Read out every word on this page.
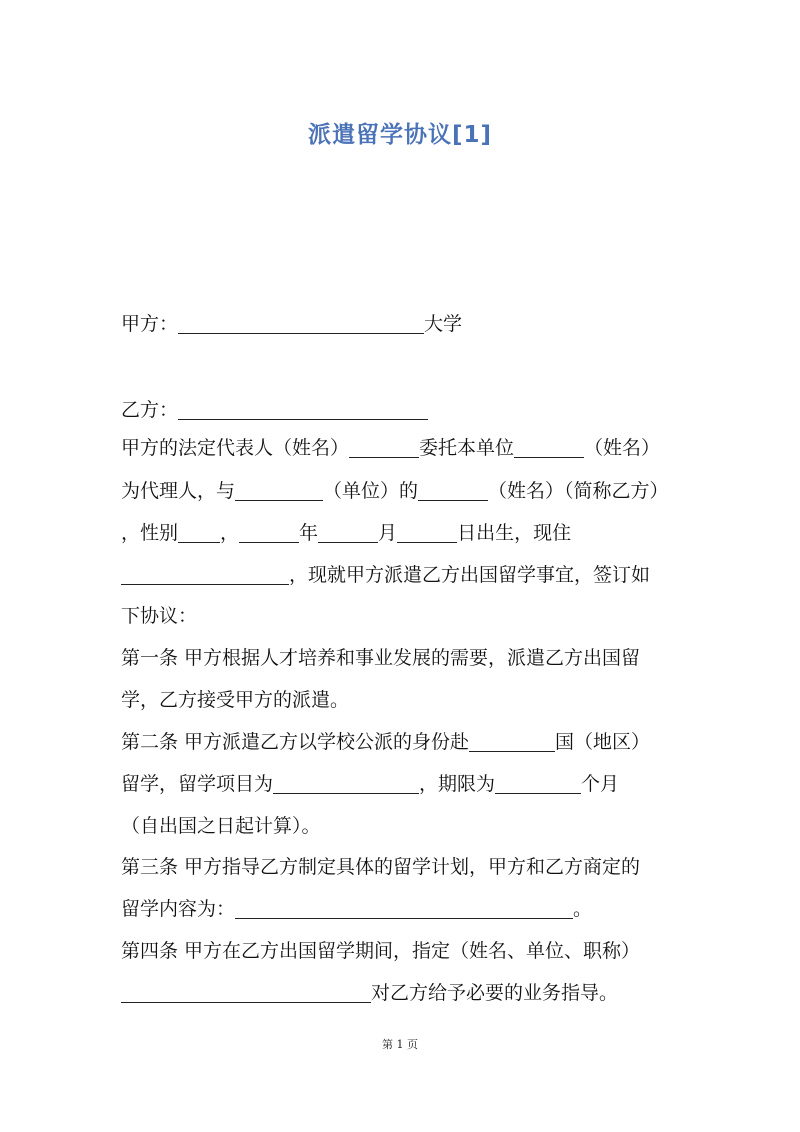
派遣留学协议[1]
甲方：	大学
乙方：
甲方的法定代表人（姓名）	委托本单位	（姓名）
为代理人，与	（单位）的	（姓名）（简称乙方）
，性别 ，	年	月	日出生，现住
，现就甲方派遣乙方出国留学事宜，签订如
下协议：
第一条 甲方根据人才培养和事业发展的需要，派遣乙方出国留
学，乙方接受甲方的派遣。
第二条 甲方派遣乙方以学校公派的身份赴	国（地区）
留学，留学项目为	，期限为	个月
（自出国之日起计算）。
第三条 甲方指导乙方制定具体的留学计划，甲方和乙方商定的
留学内容为：	。
第四条 甲方在乙方出国留学期间，指定（姓名、单位、职称）
对乙方给予必要的业务指导。
第 1 页
